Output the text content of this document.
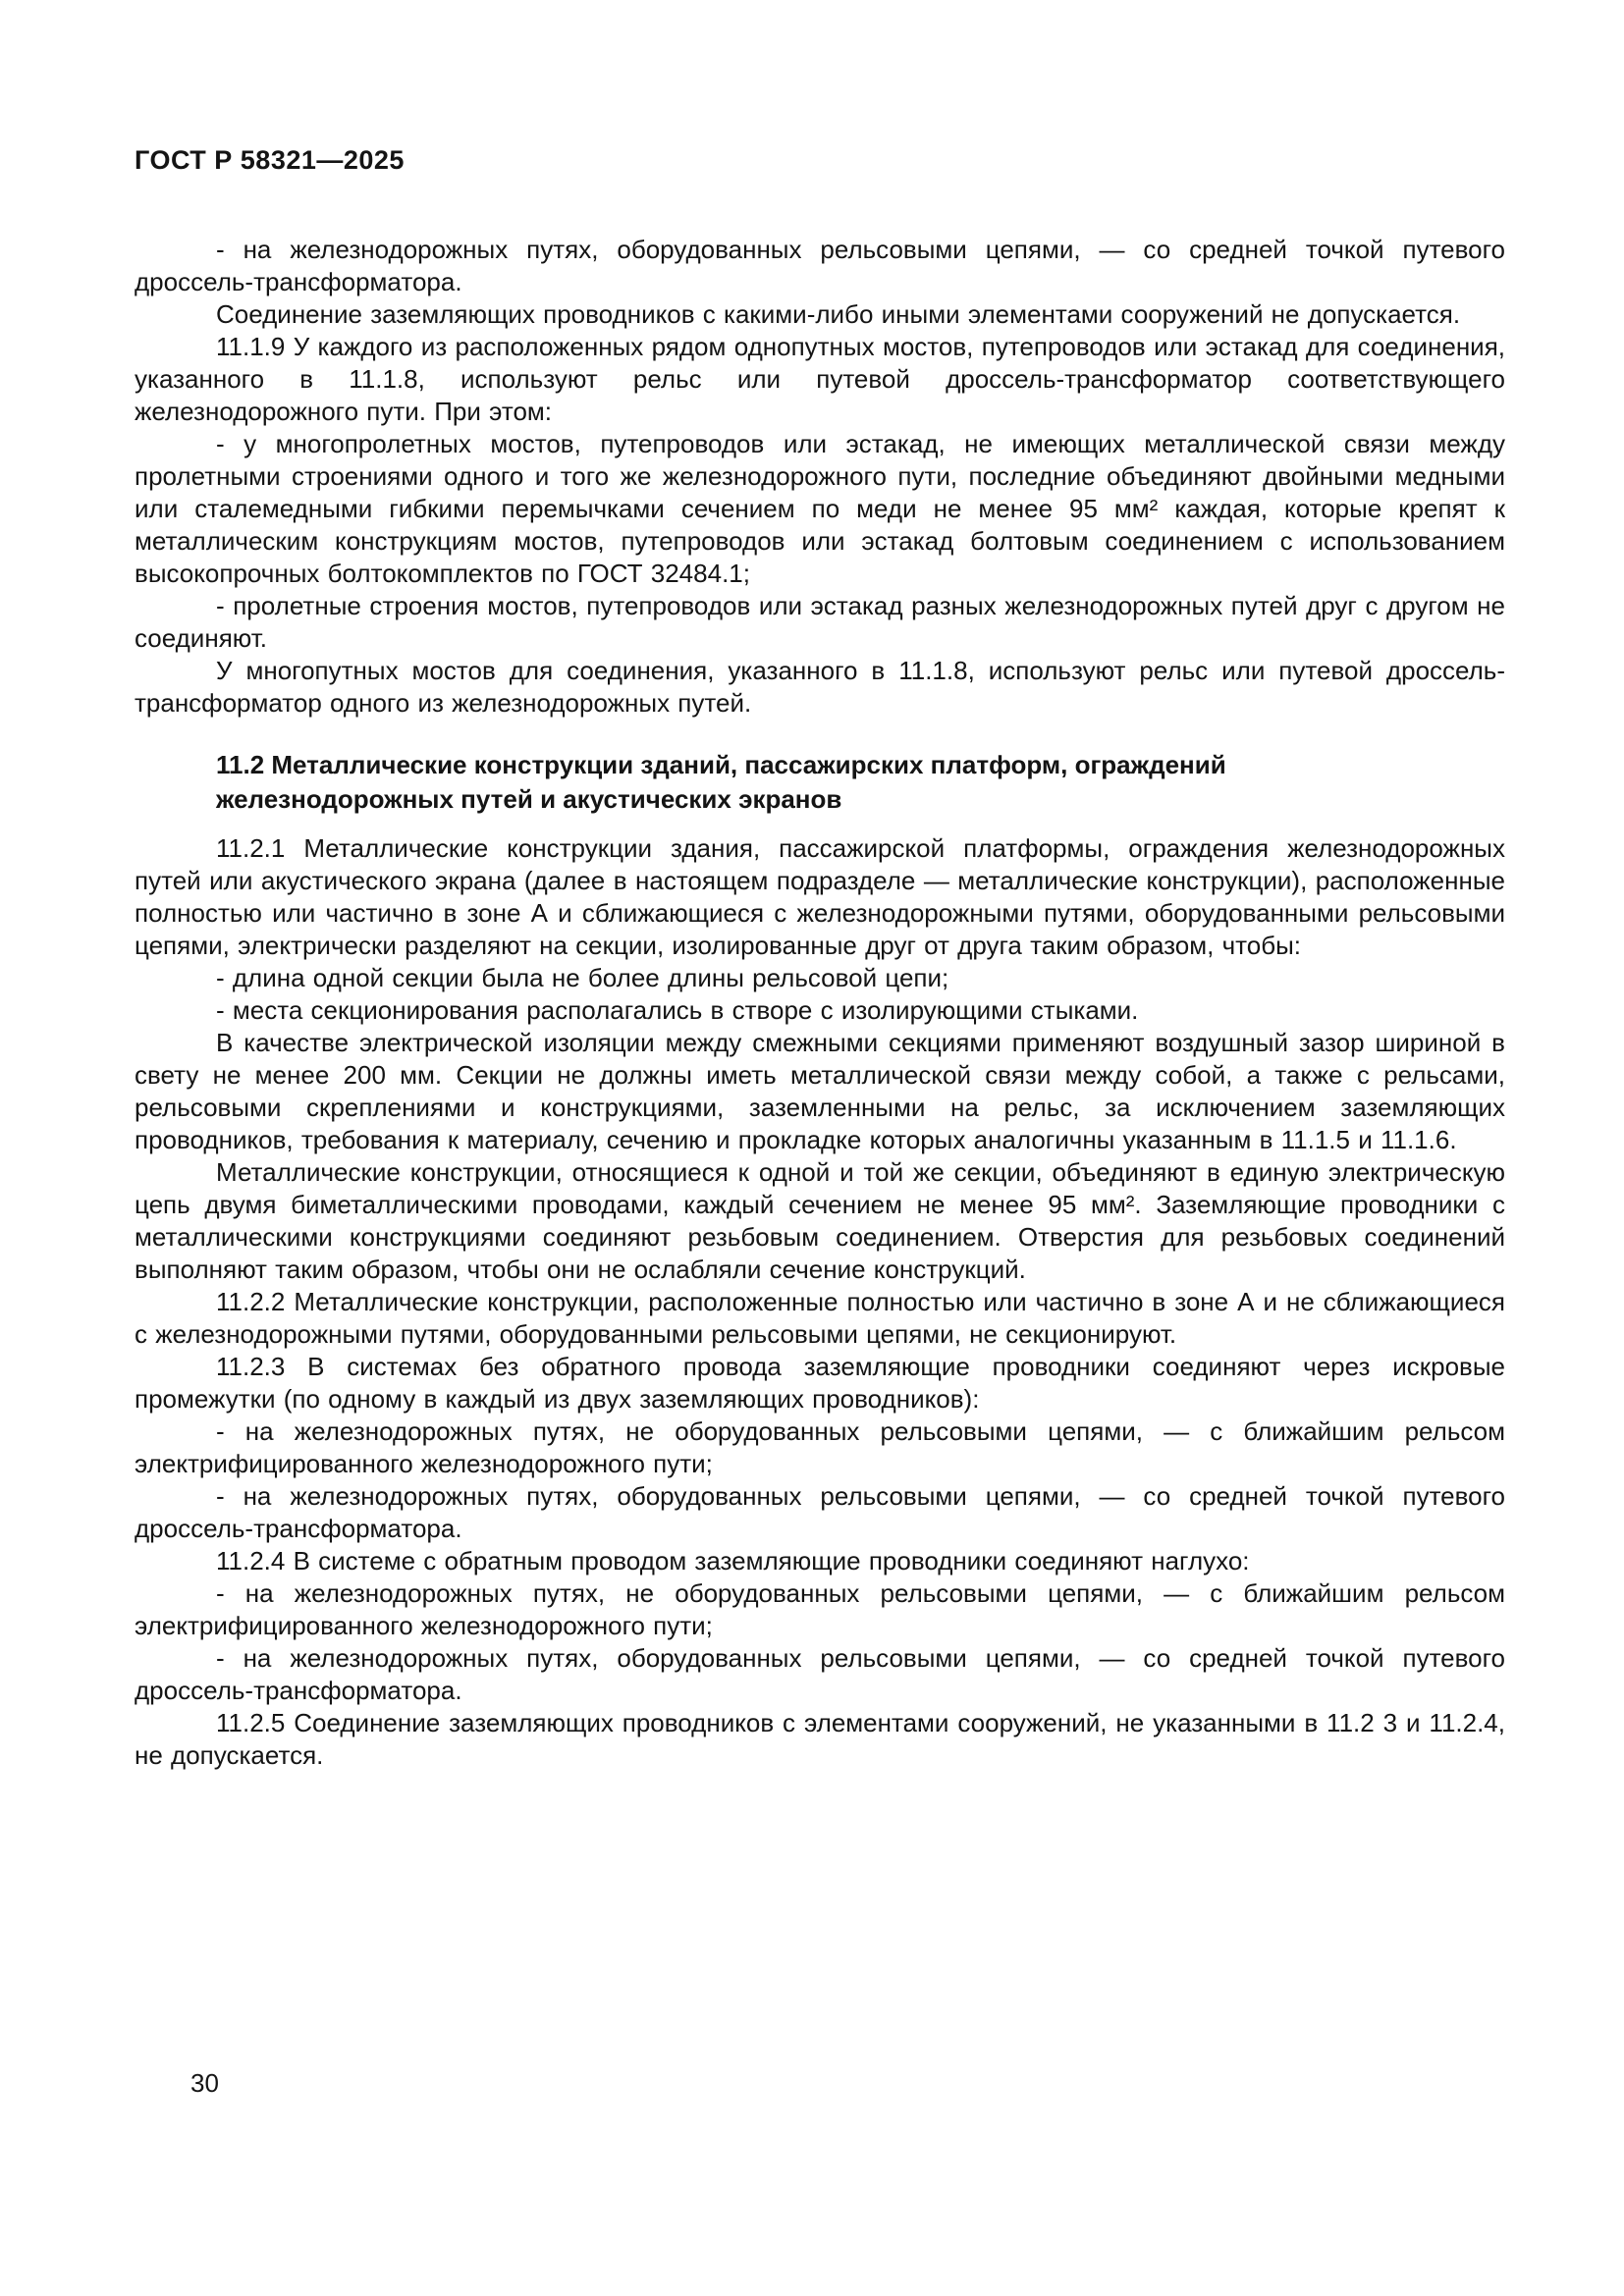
ГОСТ Р 58321—2025

- на железнодорожных путях, оборудованных рельсовыми цепями, — со средней точкой путевого дроссель-трансформатора.

Соединение заземляющих проводников с какими-либо иными элементами сооружений не допускается.

11.1.9 У каждого из расположенных рядом однопутных мостов, путепроводов или эстакад для соединения, указанного в 11.1.8, используют рельс или путевой дроссель-трансформатор соответствующего железнодорожного пути. При этом:

- у многопролетных мостов, путепроводов или эстакад, не имеющих металлической связи между пролетными строениями одного и того же железнодорожного пути, последние объединяют двойными медными или сталемедными гибкими перемычками сечением по меди не менее 95 мм² каждая, которые крепят к металлическим конструкциям мостов, путепроводов или эстакад болтовым соединением с использованием высокопрочных болтокомплектов по ГОСТ 32484.1;

- пролетные строения мостов, путепроводов или эстакад разных железнодорожных путей друг с другом не соединяют.

У многопутных мостов для соединения, указанного в 11.1.8, используют рельс или путевой дроссель-трансформатор одного из железнодорожных путей.

11.2 Металлические конструкции зданий, пассажирских платформ, ограждений
железнодорожных путей и акустических экранов

11.2.1 Металлические конструкции здания, пассажирской платформы, ограждения железнодорожных путей или акустического экрана (далее в настоящем подразделе — металлические конструкции), расположенные полностью или частично в зоне А и сближающиеся с железнодорожными путями, оборудованными рельсовыми цепями, электрически разделяют на секции, изолированные друг от друга таким образом, чтобы:

- длина одной секции была не более длины рельсовой цепи;

- места секционирования располагались в створе с изолирующими стыками.

В качестве электрической изоляции между смежными секциями применяют воздушный зазор шириной в свету не менее 200 мм. Секции не должны иметь металлической связи между собой, а также с рельсами, рельсовыми скреплениями и конструкциями, заземленными на рельс, за исключением заземляющих проводников, требования к материалу, сечению и прокладке которых аналогичны указанным в 11.1.5 и 11.1.6.

Металлические конструкции, относящиеся к одной и той же секции, объединяют в единую электрическую цепь двумя биметаллическими проводами, каждый сечением не менее 95 мм². Заземляющие проводники с металлическими конструкциями соединяют резьбовым соединением. Отверстия для резьбовых соединений выполняют таким образом, чтобы они не ослабляли сечение конструкций.

11.2.2 Металлические конструкции, расположенные полностью или частично в зоне А и не сближающиеся с железнодорожными путями, оборудованными рельсовыми цепями, не секционируют.

11.2.3 В системах без обратного провода заземляющие проводники соединяют через искровые промежутки (по одному в каждый из двух заземляющих проводников):

- на железнодорожных путях, не оборудованных рельсовыми цепями, — с ближайшим рельсом электрифицированного железнодорожного пути;

- на железнодорожных путях, оборудованных рельсовыми цепями, — со средней точкой путевого дроссель-трансформатора.

11.2.4 В системе с обратным проводом заземляющие проводники соединяют наглухо:

- на железнодорожных путях, не оборудованных рельсовыми цепями, — с ближайшим рельсом электрифицированного железнодорожного пути;

- на железнодорожных путях, оборудованных рельсовыми цепями, — со средней точкой путевого дроссель-трансформатора.

11.2.5 Соединение заземляющих проводников с элементами сооружений, не указанными в 11.2 3 и 11.2.4, не допускается.

30
